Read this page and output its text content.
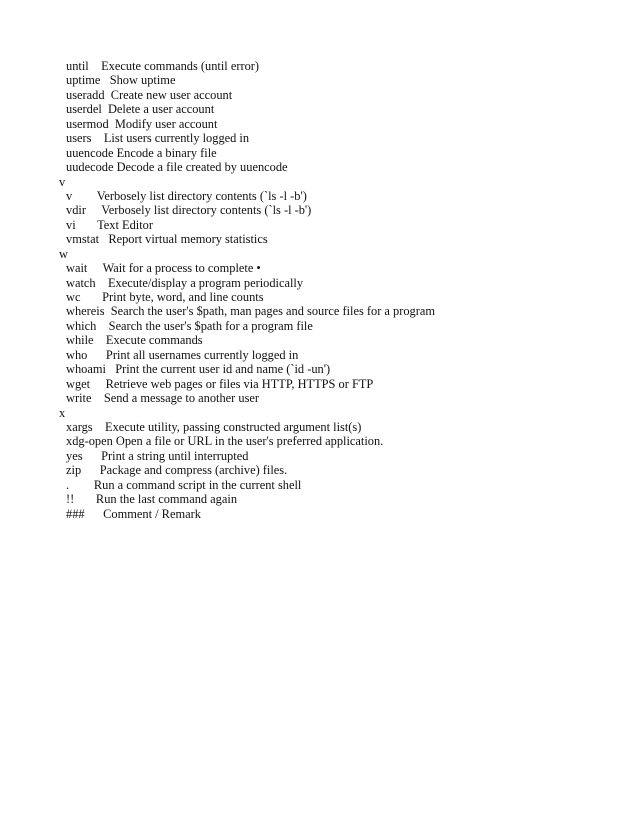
until    Execute commands (until error)
uptime   Show uptime
useradd  Create new user account
userdel  Delete a user account
usermod  Modify user account
users    List users currently logged in
uuencode Encode a binary file
uudecode Decode a file created by uuencode
v
v        Verbosely list directory contents (`ls -l -b')
vdir     Verbosely list directory contents (`ls -l -b')
vi       Text Editor
vmstat   Report virtual memory statistics
w
wait     Wait for a process to complete •
watch    Execute/display a program periodically
wc       Print byte, word, and line counts
whereis  Search the user's $path, man pages and source files for a program
which    Search the user's $path for a program file
while    Execute commands
who      Print all usernames currently logged in
whoami   Print the current user id and name (`id -un')
wget     Retrieve web pages or files via HTTP, HTTPS or FTP
write    Send a message to another user
x
xargs    Execute utility, passing constructed argument list(s)
xdg-open Open a file or URL in the user's preferred application.
yes      Print a string until interrupted
zip      Package and compress (archive) files.
.        Run a command script in the current shell
!!       Run the last command again
###      Comment / Remark
